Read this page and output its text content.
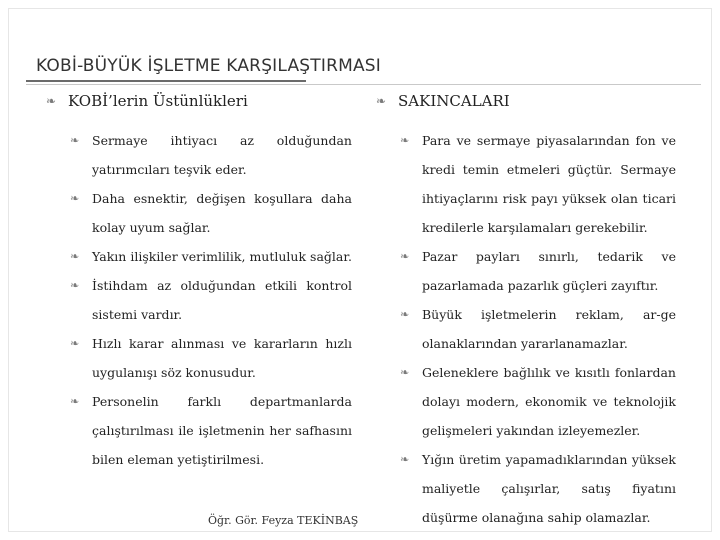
KOBİ-BÜYÜK İŞLETME KARŞILAŞTIRMASI
❧ KOBİ’lerin Üstünlükleri
❧ Sermaye ihtiyacı az olduğundan yatırımcıları teşvik eder.
❧ Daha esnektir, değişen koşullara daha kolay uyum sağlar.
❧ Yakın ilişkiler verimlilik, mutluluk sağlar.
❧ İstihdam az olduğundan etkili kontrol sistemi vardır.
❧ Hızlı karar alınması ve kararların hızlı uygulanışı söz konusudur.
❧ Personelin farklı departmanlarda çalıştırılması ile işletmenin her safhasını bilen eleman yetiştirilmesi.
❧ SAKINCALARI
❧ Para ve sermaye piyasalarından fon ve kredi temin etmeleri güçtür. Sermaye ihtiyaçlarını risk payı yüksek olan ticari kredilerle karşılamaları gerekebilir.
❧ Pazar payları sınırlı, tedarik ve pazarlamada pazarlık güçleri zayıftır.
❧ Büyük işletmelerin reklam, ar-ge olanaklarından yararlanamazlar.
❧ Geleneklere bağlılık ve kısıtlı fonlardan dolayı modern, ekonomik ve teknolojik gelişmeleri yakından izleyemezler.
❧ Yığın üretim yapamadıklarından yüksek maliyetle çalışırlar, satış fiyatını düşürme olanağına sahip olamazlar.
Öğr. Gör. Feyza TEKİNBAŞ
